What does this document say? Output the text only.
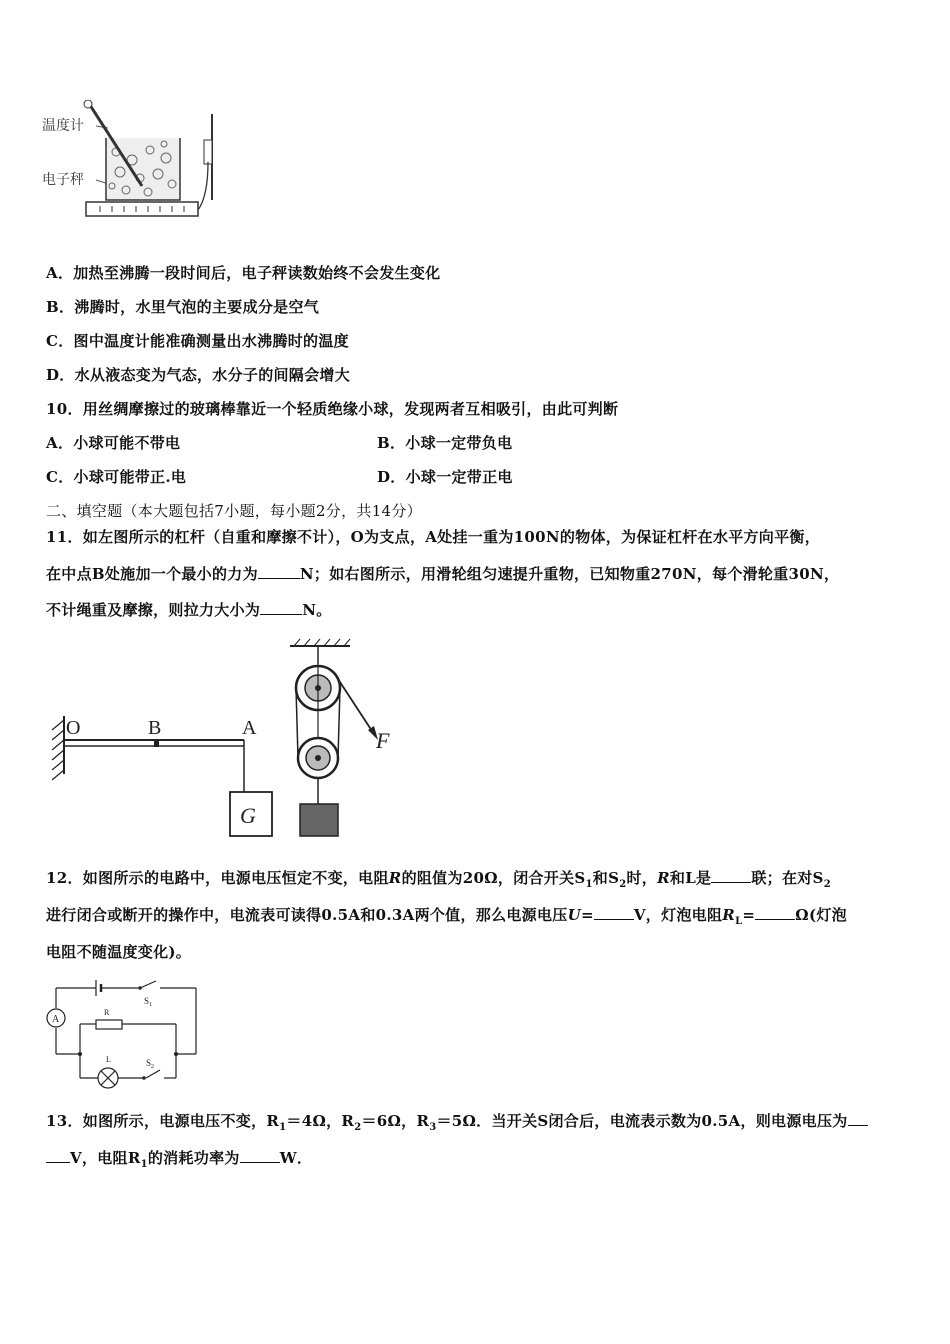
温度计
电子秤
A．加热至沸腾一段时间后，电子秤读数始终不会发生变化
B．沸腾时，水里气泡的主要成分是空气
C．图中温度计能准确测量出水沸腾时的温度
D．水从液态变为气态，水分子的间隔会增大
10．用丝绸摩擦过的玻璃棒靠近一个轻质绝缘小球，发现两者互相吸引，由此可判断
A．小球可能不带电	B．小球一定带负电
C．小球可能带正.电	D．小球一定带正电
二、填空题（本大题包括7小题，每小题2分，共14分）
11．如左图所示的杠杆（自重和摩擦不计），O为支点，A处挂一重为100N的物体，为保证杠杆在水平方向平衡，
在中点B处施加一个最小的力为	N；如右图所示，用滑轮组匀速提升重物，已知物重270N，每个滑轮重30N，
不计绳重及摩擦，则拉力大小为	N。
O	B	A
G
F
12．如图所示的电路中，电源电压恒定不变，电阻R的阻值为20Ω，闭合开关$S_1$和$S_2$时，R和L是	联；在对$S_2$
进行闭合或断开的操作中，电流表可读得0.5A和0.3A两个值，那么电源电压U=	V，灯泡电阻$R_L=$	Ω(灯泡
电阻不随温度变化)。
A
$S_1$
R
L	$S_2$
13．如图所示，电源电压不变，$R_1=4\Omega$，$R_2=6\Omega$，$R_3=5\Omega$．当开关S闭合后，电流表示数为0.5A，则电源电压为
V，电阻$R_1$的消耗功率为	W．
